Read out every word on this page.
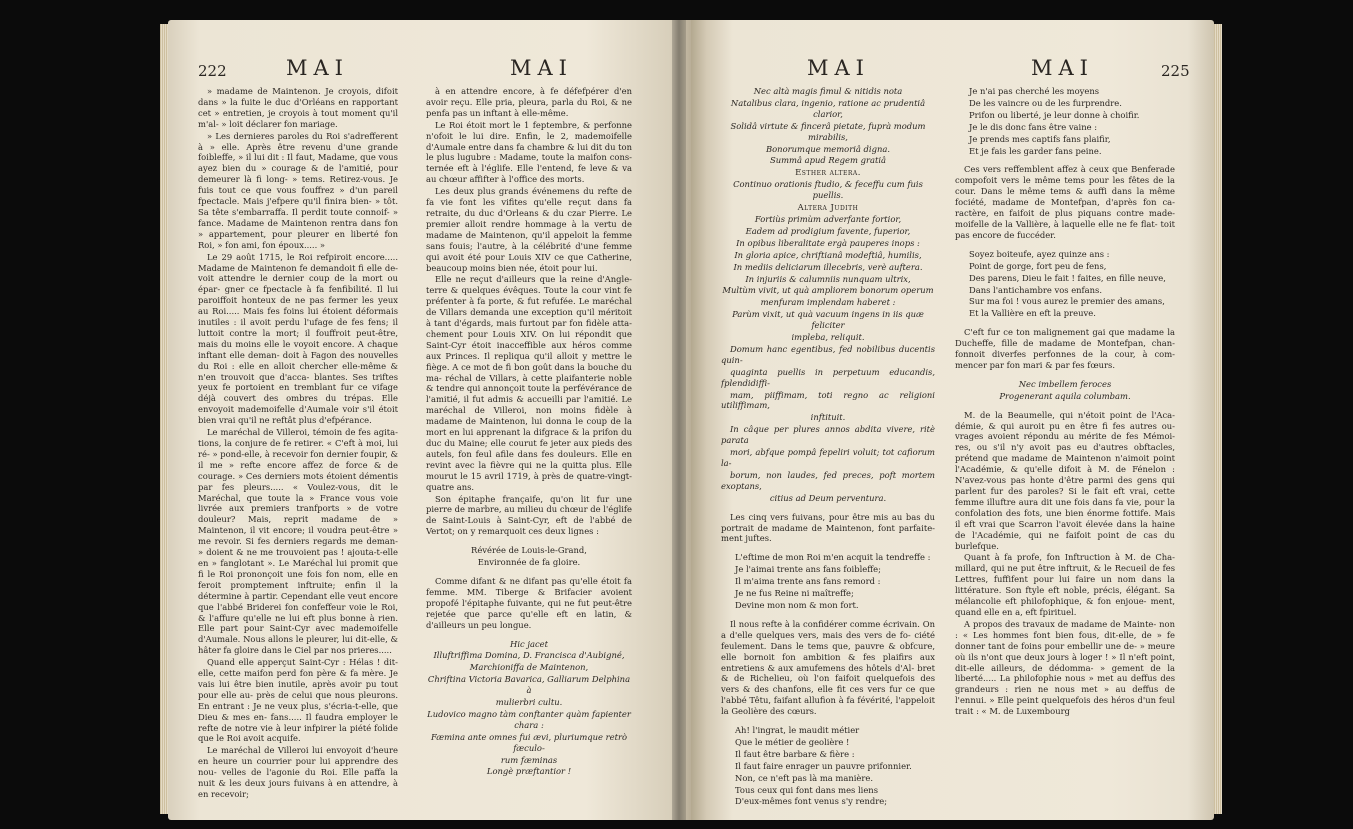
222	MAI	MAI

» madame de Maintenon. Je croyois, difoit dans » la fuite le duc d'Orléans en rapportant cet » entretien, je croyois à tout moment qu'il m'al- » loit déclarer fon mariage.

» Les dernieres paroles du Roi s'adrefferent à » elle. Après être revenu d'une grande foibleffe, » il lui dit : Il faut, Madame, que vous ayez bien du » courage & de l'amitié, pour demeurer là fi long- » tems. Retirez-vous. Je fuis tout ce que vous fouffrez » d'un pareil fpectacle. Mais j'efpere qu'il finira bien- » tôt. Sa tête s'embarraffa. Il perdit toute connoif- » fance. Madame de Maintenon rentra dans fon » appartement, pour pleurer en liberté fon Roi, » fon ami, fon époux..... »

Le 29 août 1715, le Roi refpiroit encore..... Madame de Maintenon fe demandoit fi elle de- voit attendre le dernier coup de la mort ou épar- gner ce fpectacle à fa fenfibilité. Il lui paroiffoit honteux de ne pas fermer les yeux au Roi..... Mais fes foins lui étoient déformais inutiles : il avoit perdu l'ufage de fes fens; il luttoit contre la mort; il fouffroit peut-être, mais du moins elle le voyoit encore. A chaque inftant elle deman- doit à Fagon des nouvelles du Roi : elle en alloit chercher elle-même & n'en trouvoit que d'acca- blantes. Ses triftes yeux fe portoient en tremblant fur ce vifage déjà couvert des ombres du trépas. Elle envoyoit mademoifelle d'Aumale voir s'il étoit bien vrai qu'il ne reftât plus d'efpérance.

Le maréchal de Villeroi, témoin de fes agita- tions, la conjure de fe retirer. « C'eft à moi, lui ré- » pond-elle, à recevoir fon dernier foupir, & il me » refte encore affez de force & de courage. » Ces derniers mots étoient démentis par fes pleurs..... « Voulez-vous, dit le Maréchal, que toute la » France vous voie livrée aux premiers tranfports » de votre douleur? Mais, reprit madame de » Maintenon, il vit encore; il voudra peut-être » me revoir. Si fes derniers regards me deman- » doient & ne me trouvoient pas ! ajouta-t-elle en » fanglotant ». Le Maréchal lui promit que fi le Roi prononçoit une fois fon nom, elle en feroit promptement inftruite; enfin il la détermine à partir. Cependant elle veut encore que l'abbé Briderei fon confeffeur voie le Roi, & l'affure qu'elle ne lui eft plus bonne à rien. Elle part pour Saint-Cyr avec mademoifelle d'Aumale. Nous allons le pleurer, lui dit-elle, & hâter fa gloire dans le Ciel par nos prieres.....

Quand elle apperçut Saint-Cyr : Hélas ! dit- elle, cette maifon perd fon père & fa mère. Je vais lui être bien inutile, après avoir pu tout pour elle au- près de celui que nous pleurons. En entrant : Je ne veux plus, s'écria-t-elle, que Dieu & mes en- fans..... Il faudra employer le refte de notre vie à leur infpirer la piété folide que le Roi avoit acquife.

Le maréchal de Villeroi lui envoyoit d'heure en heure un courrier pour lui apprendre des nou- velles de l'agonie du Roi. Elle paffa la nuit & les deux jours fuivans à en attendre, à en recevoir;

à en attendre encore, à fe défefpérer d'en avoir reçu. Elle pria, pleura, parla du Roi, & ne penfa pas un inftant à elle-même.

Le Roi étoit mort le 1 feptembre, & perfonne n'ofoit le lui dire. Enfin, le 2, mademoifelle d'Aumale entre dans fa chambre & lui dit du ton le plus lugubre : Madame, toute la maifon cons- ternée eft à l'églife. Elle l'entend, fe leve & va au chœur affifter à l'office des morts.

Les deux plus grands événemens du refte de fa vie font les vifites qu'elle reçut dans fa retraite, du duc d'Orleans & du czar Pierre. Le premier alloit rendre hommage à la vertu de madame de Maintenon, qu'il appeloit la femme sans fouis; l'autre, à la célébrité d'une femme qui avoit été pour Louis XIV ce que Catherine, beaucoup moins bien née, étoit pour lui.

Elle ne reçut d'ailleurs que la reine d'Angle- terre & quelques évêques. Toute la cour vint fe préfenter à fa porte, & fut refufée. Le maréchal de Villars demanda une exception qu'il méritoit à tant d'égards, mais furtout par fon fidèle atta- chement pour Louis XIV. On lui répondit que Saint-Cyr étoit inacceffible aux héros comme aux Princes. Il repliqua qu'il alloit y mettre le fiège. A ce mot de fi bon goût dans la bouche du ma- réchal de Villars, à cette plaifanterie noble & tendre qui annonçoit toute la perfévérance de l'amitié, il fut admis & accueilli par l'amitié. Le maréchal de Villeroi, non moins fidèle à madame de Maintenon, lui donna le coup de la mort en lui apprenant la difgrace & la prifon du duc du Maine; elle courut fe jeter aux pieds des autels, fon feul afile dans fes douleurs. Elle en revint avec la fièvre qui ne la quitta plus. Elle mourut le 15 avril 1719, à près de quatre-vingt-quatre ans.

Son épitaphe françaife, qu'on lit fur une pierre de marbre, au milieu du chœur de l'églife de Saint-Louis à Saint-Cyr, eft de l'abbé de Vertot; on y remarquoit ces deux lignes :

Révérée de Louis-le-Grand,

Environnée de fa gloire.

Comme difant & ne difant pas qu'elle étoit fa femme. MM. Tiberge & Brifacier avoient propofé l'épitaphe fuivante, qui ne fut peut-être rejetée que parce qu'elle eft en latin, & d'ailleurs un peu longue.

Hic jacet

Illuftriffima Domina, D. Francisca d'Aubigné,

Marchioniffa de Maintenon,

Chriftina Victoria Bavarica, Galliarum Delphina à

mulierbri cultu.

Ludovico magno tàm conftanter quàm fapienter chara :

Fæmina ante omnes fui ævi, pluriumque retrò fæculo-

rum fæminas

Longè præftantior !

MAI	MAI	225

Nec altà magis fimul & nitidis nota

Natalibus clara, ingenio, ratione ac prudentiâ clarior,

Solidâ virtute & fincerâ pietate, fuprà modum mirabilis,

Bonorumque memoriâ digna.

Summâ apud Regem gratiâ

Esther altera.

Continuo orationis ftudio, & feceffu cum fuis puellis.

Altera Judith

Fortiùs primùm adverfante fortior,

Eadem ad prodigium favente, fuperior,

In opibus liberalitate ergà pauperes inops :

In gloria apice, chriftianâ modeftiâ, humilis,

In mediis deliciarum illecebris, verè auftera.

In injuriis & calumniis nunquam ultrix,

Multùm vivit, ut quà ampliorem bonorum operum

menfuram implendam haberet :

Parùm vixit, ut quà vacuum ingens in iis quæ feliciter

impleba, reliquit.

Domum hanc egentibus, fed nobilibus ducentis quin-

quaginta puellis in perpetuum educandis, fplendidiffi-

mam, piiffimam, toti regno ac religioni utiliffimam,

inftituit.

In câque per plures annos abdita vivere, ritè parata

mori, abfque pompâ fepeliri voluit; tot cafiorum la-

borum, non laudes, fed preces, poft mortem exoptans,

citius ad Deum perventura.

Les cinq vers fuivans, pour être mis au bas du portrait de madame de Maintenon, font parfaite- ment juftes.

L'eftime de mon Roi m'en acquit la tendreffe :

Je l'aimai trente ans fans foibleffe;

Il m'aima trente ans fans remord :

Je ne fus Reine ni maîtreffe;

Devine mon nom & mon fort.

Il nous refte à la confidérer comme écrivain. On a d'elle quelques vers, mais des vers de fo- ciété feulement. Dans le tems que, pauvre & obfcure, elle bornoit fon ambition & fes plaifirs aux entretiens & aux amufemens des hôtels d'Al- bret & de Richelieu, où l'on faifoit quelquefois des vers & des chanfons, elle fit ces vers fur ce que l'abbé Têtu, faifant allufion à fa févérité, l'appeloit la Geolière des cœurs.

Ah! l'ingrat, le maudit métier

Que le métier de geolière !

Il faut être barbare & fière :

Il faut faire enrager un pauvre prifonnier.

Non, ce n'eft pas là ma manière.

Tous ceux qui font dans mes liens

D'eux-mêmes font venus s'y rendre;

Je n'ai pas cherché les moyens

De les vaincre ou de les furprendre.

Prifon ou liberté, je leur donne à choifir.

Je le dis donc fans être vaine :

Je prends mes captifs fans plaifir,

Et je fais les garder fans peine.

Ces vers reffemblent affez à ceux que Benferade compofoit vers le même tems pour les fêtes de la cour. Dans le même tems & auffi dans la même fociété, madame de Montefpan, d'après fon ca- ractère, en faifoit de plus piquans contre made- moifelle de la Vallière, à laquelle elle ne fe flat- toit pas encore de fuccéder.

Soyez boiteufe, ayez quinze ans :

Point de gorge, fort peu de fens,

Des parens, Dieu le fait ! faites, en fille neuve,

Dans l'antichambre vos enfans.

Sur ma foi ! vous aurez le premier des amans,

Et la Vallière en eft la preuve.

C'eft fur ce ton malignement gai que madame la Ducheffe, fille de madame de Montefpan, chan- fonnoit diverfes perfonnes de la cour, à com- mencer par fon mari & par fes fœurs.

Nec imbellem feroces

Progenerant aquila columbam.

M. de la Beaumelle, qui n'étoit point de l'Aca- démie, & qui auroit pu en être fi fes autres ou- vrages avoient répondu au mérite de fes Mémoi- res, ou s'il n'y avoit pas eu d'autres obftacles, prétend que madame de Maintenon n'aimoit point l'Académie, & qu'elle difoit à M. de Fénelon : N'avez-vous pas honte d'être parmi des gens qui parlent fur des paroles? Si le fait eft vrai, cette femme illuftre aura dit une fois dans fa vie, pour la confolation des fots, une bien énorme fottife. Mais il eft vrai que Scarron l'avoit élevée dans la haine de l'Académie, qui ne faifoit point de cas du burlefque.

Quant à fa profe, fon Inftruction à M. de Cha- millard, qui ne put être inftruit, & le Recueil de fes Lettres, fuffifent pour lui faire un nom dans la littérature. Son ftyle eft noble, précis, élégant. Sa mélancolie eft philofophique, & fon enjoue- ment, quand elle en a, eft fpirituel.

A propos des travaux de madame de Mainte- non : « Les hommes font bien fous, dit-elle, de » fe donner tant de foins pour embellir une de- » meure où ils n'ont que deux jours à loger ! » Il n'eft point, dit-elle ailleurs, de dédomma- » gement de la liberté..... La philofophie nous » met au deffus des grandeurs : rien ne nous met » au deffus de l'ennui. » Elle peint quelquefois des héros d'un feul trait : « M. de Luxembourg
